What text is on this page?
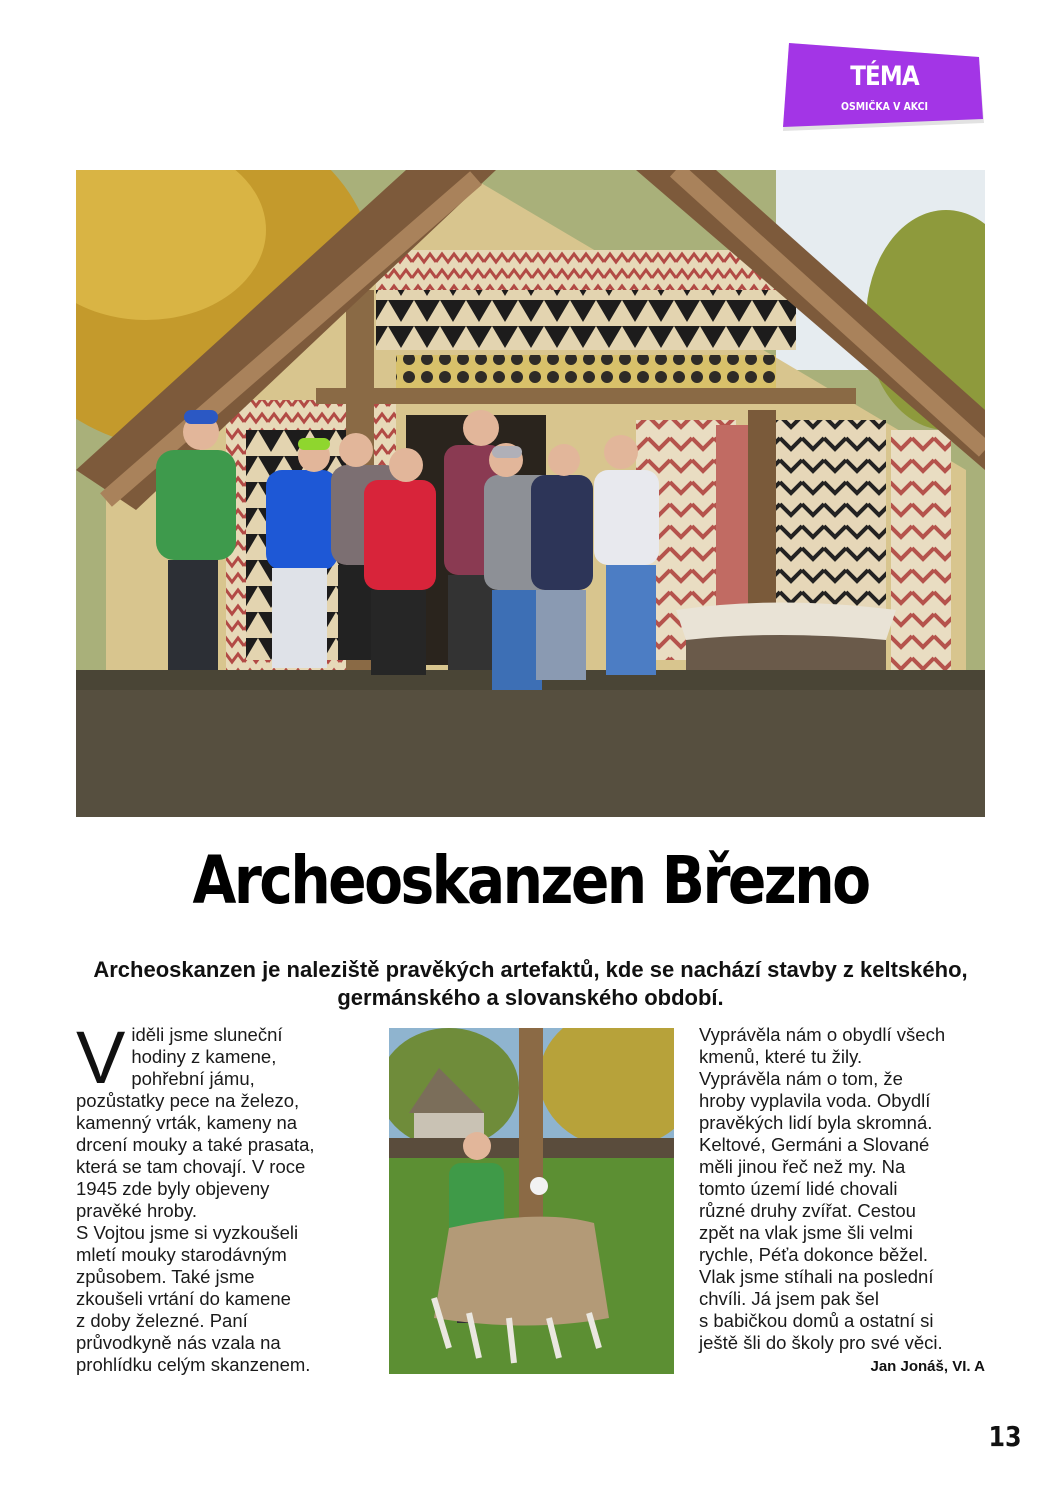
TÉMA
OSMIČKA V AKCI
Archeoskanzen Březno
Archeoskanzen je naleziště pravěkých artefaktů, kde se nachází stavby z keltského, germánského a slovanského období.
V iděli jsme sluneční
hodiny z kamene,
pohřební jámu,
pozůstatky pece na železo,
kamenný vrták, kameny na
drcení mouky a také prasata,
která se tam chovají. V roce
1945 zde byly objeveny
pravěké hroby.
S Vojtou jsme si vyzkoušeli
mletí mouky starodávným
způsobem. Také jsme
zkoušeli vrtání do kamene
z doby železné. Paní
průvodkyně nás vzala na
prohlídku celým skanzenem.

Vyprávěla nám o obydlí všech
kmenů, které tu žily.
Vyprávěla nám o tom, že
hroby vyplavila voda. Obydlí
pravěkých lidí byla skromná.
Keltové, Germáni a Slované
měli jinou řeč než my. Na
tomto území lidé chovali
různé druhy zvířat. Cestou
zpět na vlak jsme šli velmi
rychle, Péťa dokonce běžel.
Vlak jsme stíhali na poslední
chvíli. Já jsem pak šel
s babičkou domů a ostatní si
ještě šli do školy pro své věci.

Jan Jonáš, VI. A
13
